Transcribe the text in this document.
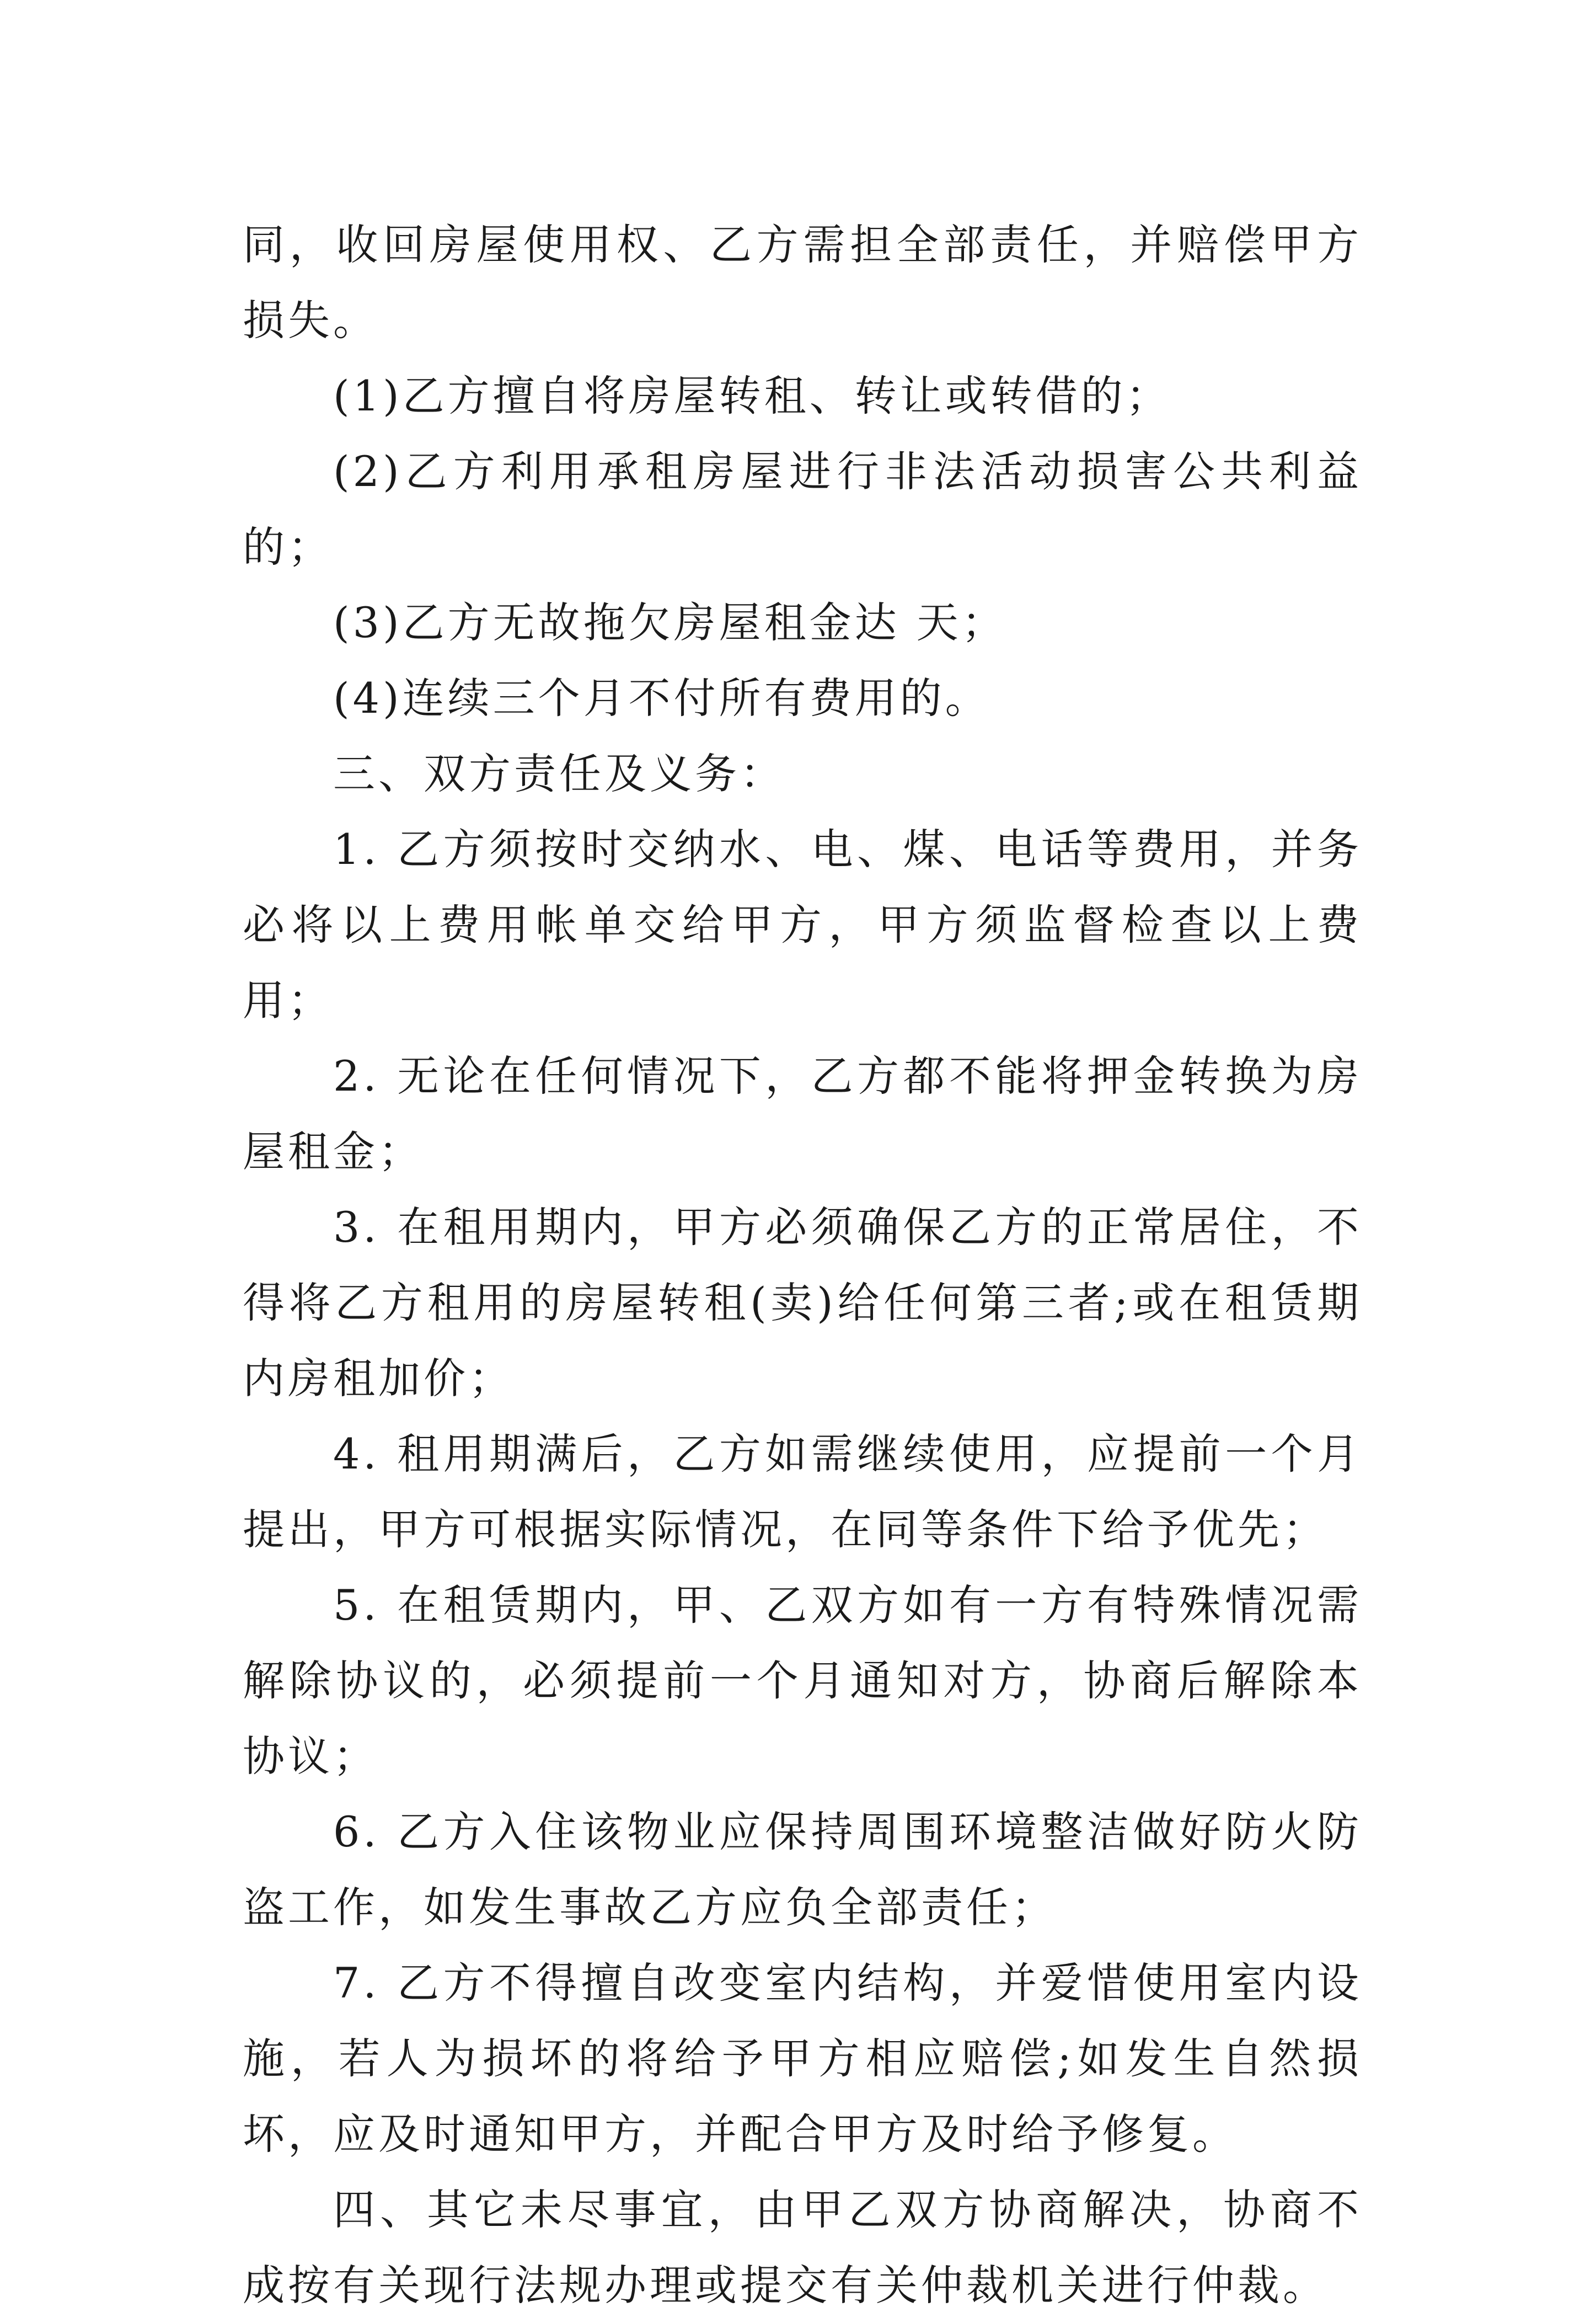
同，收回房屋使用权、乙方需担全部责任，并赔偿甲方损失。

(1)乙方擅自将房屋转租、转让或转借的；

(2)乙方利用承租房屋进行非法活动损害公共利益的；

(3)乙方无故拖欠房屋租金达 天；

(4)连续三个月不付所有费用的。

三、双方责任及义务：

1. 乙方须按时交纳水、电、煤、电话等费用，并务必将以上费用帐单交给甲方，甲方须监督检查以上费用；

2. 无论在任何情况下，乙方都不能将押金转换为房屋租金；

3. 在租用期内，甲方必须确保乙方的正常居住，不得将乙方租用的房屋转租(卖)给任何第三者;或在租赁期内房租加价；

4. 租用期满后，乙方如需继续使用，应提前一个月提出，甲方可根据实际情况，在同等条件下给予优先；

5. 在租赁期内，甲、乙双方如有一方有特殊情况需解除协议的，必须提前一个月通知对方，协商后解除本协议；

6. 乙方入住该物业应保持周围环境整洁做好防火防盗工作，如发生事故乙方应负全部责任；

7. 乙方不得擅自改变室内结构，并爱惜使用室内设施，若人为损坏的将给予甲方相应赔偿;如发生自然损坏，应及时通知甲方，并配合甲方及时给予修复。

四、其它未尽事宜，由甲乙双方协商解决，协商不成按有关现行法规办理或提交有关仲裁机关进行仲裁。
